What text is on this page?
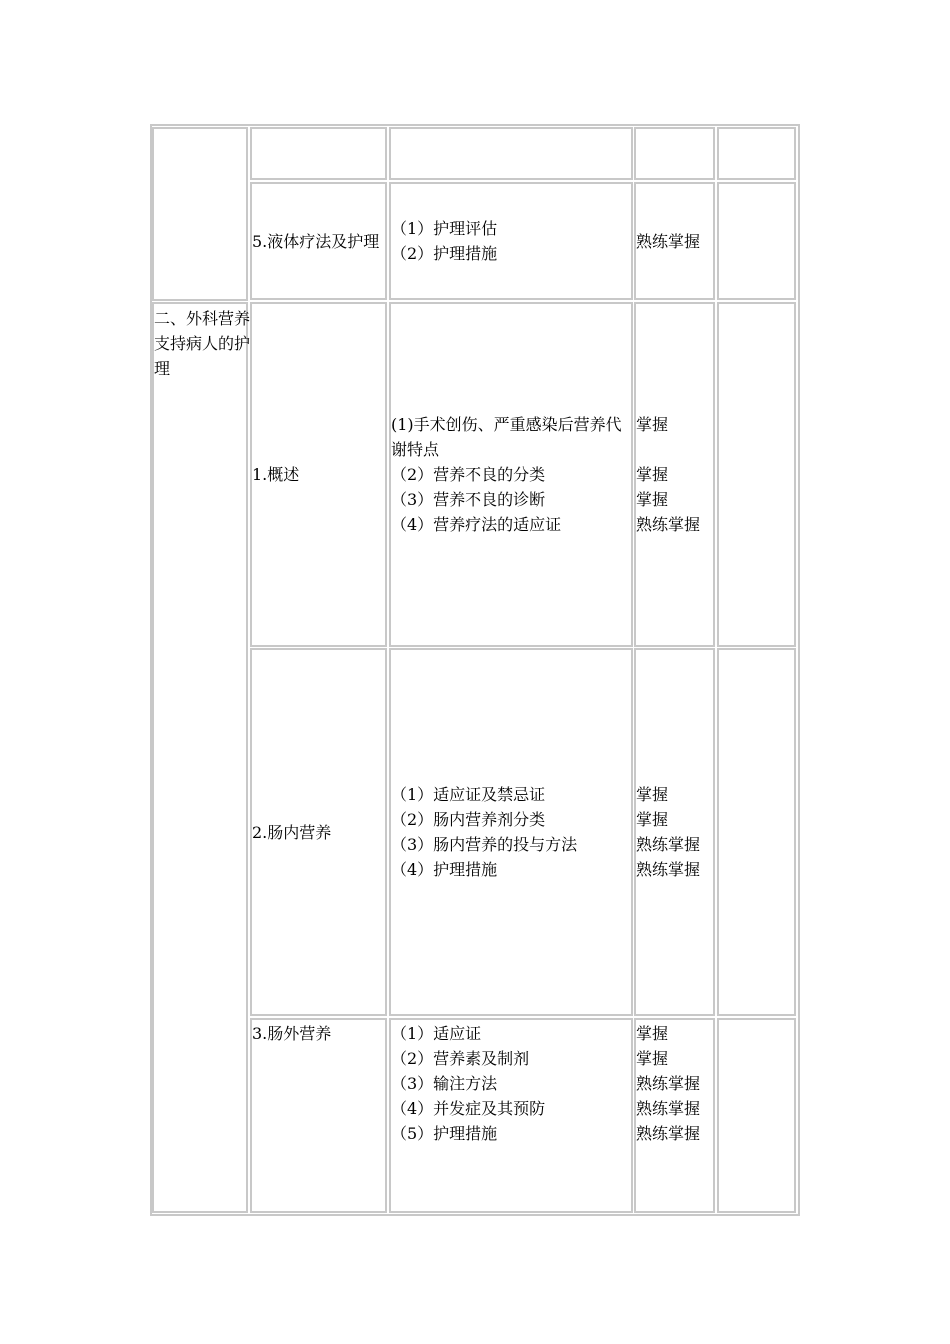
二、外科营养支持病人的护理
5.液体疗法及护理
（1）护理评估
（2）护理措施
熟练掌握
1.概述
(1)手术创伤、严重感染后营养代谢特点
（2）营养不良的分类
（3）营养不良的诊断
（4）营养疗法的适应证
掌握
掌握
掌握
熟练掌握
2.肠内营养
（1）适应证及禁忌证
（2）肠内营养剂分类
（3）肠内营养的投与方法
（4）护理措施
掌握
掌握
熟练掌握
熟练掌握
3.肠外营养	（1）适应证
（2）营养素及制剂
（3）输注方法
（4）并发症及其预防
（5）护理措施
掌握
掌握
熟练掌握
熟练掌握
熟练掌握
